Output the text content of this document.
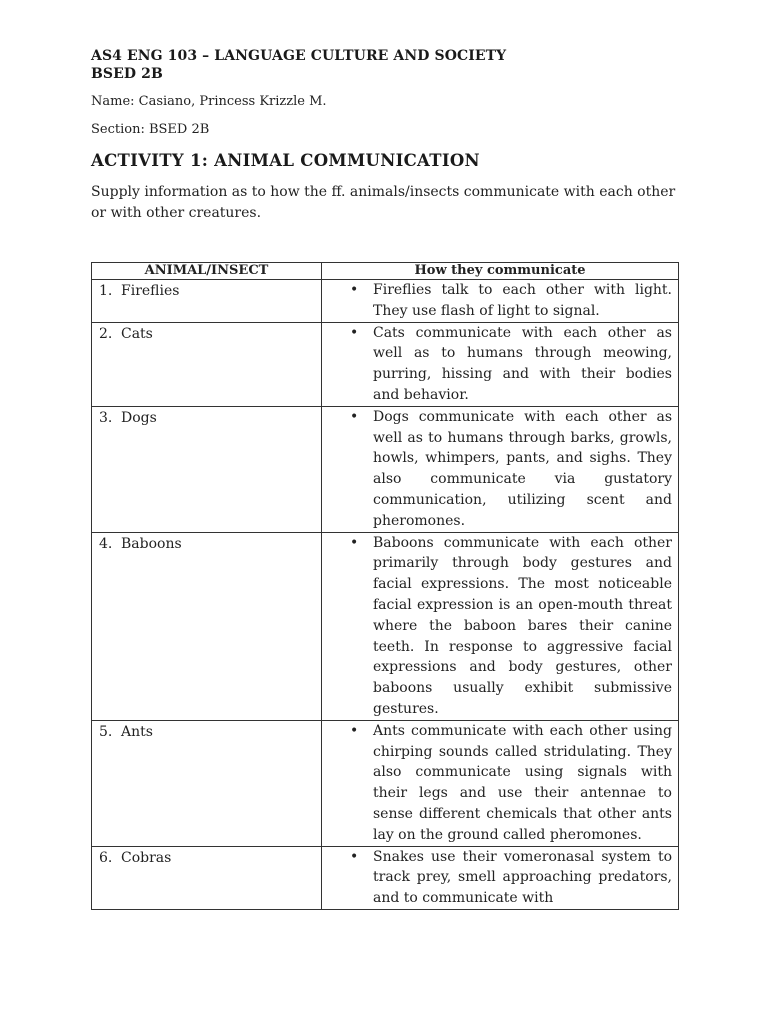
AS4 ENG 103 – LANGUAGE CULTURE AND SOCIETY
BSED 2B
Name: Casiano, Princess Krizzle M.
Section: BSED 2B
ACTIVITY 1: ANIMAL COMMUNICATION
Supply information as to how the ff. animals/insects communicate with each other or with other creatures.
ANIMAL/INSECT	How they communicate
1. Fireflies	• Fireflies talk to each other with light. They use flash of light to signal.

2. Cats	• Cats communicate with each other as well as to humans through meowing, purring, hissing and with their bodies and behavior.

3. Dogs	• Dogs communicate with each other as well as to humans through barks, growls, howls, whimpers, pants, and sighs. They also communicate via gustatory communication, utilizing scent and pheromones.

4. Baboons	• Baboons communicate with each other primarily through body gestures and facial expressions. The most noticeable facial expression is an open-mouth threat where the baboon bares their canine teeth. In response to aggressive facial expressions and body gestures, other baboons usually exhibit submissive gestures.

5. Ants	• Ants communicate with each other using chirping sounds called stridulating. They also communicate using signals with their legs and use their antennae to sense different chemicals that other ants lay on the ground called pheromones.

6. Cobras	• Snakes use their vomeronasal system to track prey, smell approaching predators, and to communicate with
